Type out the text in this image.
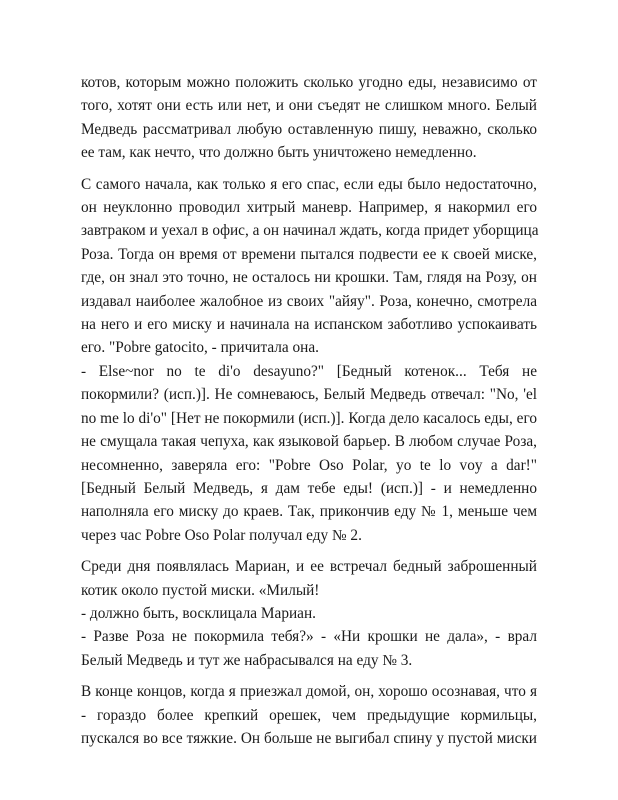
котов, которым можно положить сколько угодно еды, независимо от
того, хотят они есть или нет, и они съедят не слишком много. Белый
Медведь рассматривал любую оставленную пишу, неважно, сколько
ее там, как нечто, что должно быть уничтожено немедленно.
С самого начала, как только я его спас, если еды было недостаточно,
он неуклонно проводил хитрый маневр. Например, я накормил его
завтраком и уехал в офис, а он начинал ждать, когда придет уборщица
Роза. Тогда он время от времени пытался подвести ее к своей миске,
где, он знал это точно, не осталось ни крошки. Там, глядя на Розу, он
издавал наиболее жалобное из своих "айяу". Роза, конечно, смотрела
на него и его миску и начинала на испанском заботливо успокаивать
его. "Pobre gatocito, - причитала она.
- Else~nor no te di'o desayuno?" [Бедный котенок... Тебя не
покормили? (исп.)]. Не сомневаюсь, Белый Медведь отвечал: "No, 'el
no me lo di'o" [Нет не покормили (исп.)]. Когда дело касалось еды, его
не смущала такая чепуха, как языковой барьер. В любом случае Роза,
несомненно, заверяла его: "Pobre Oso Polar, yo te lo voy a dar!"
[Бедный Белый Медведь, я дам тебе еды! (исп.)] - и немедленно
наполняла его миску до краев. Так, прикончив еду № 1, меньше чем
через час Pobre Oso Polar получал еду № 2.
Среди дня появлялась Мариан, и ее встречал бедный заброшенный
котик около пустой миски. «Милый!
- должно быть, восклицала Мариан.
- Разве Роза не покормила тебя?» - «Ни крошки не дала», - врал
Белый Медведь и тут же набрасывался на еду № 3.
В конце концов, когда я приезжал домой, он, хорошо осознавая, что я
- гораздо более крепкий орешек, чем предыдущие кормильцы,
пускался во все тяжкие. Он больше не выгибал спину у пустой миски
